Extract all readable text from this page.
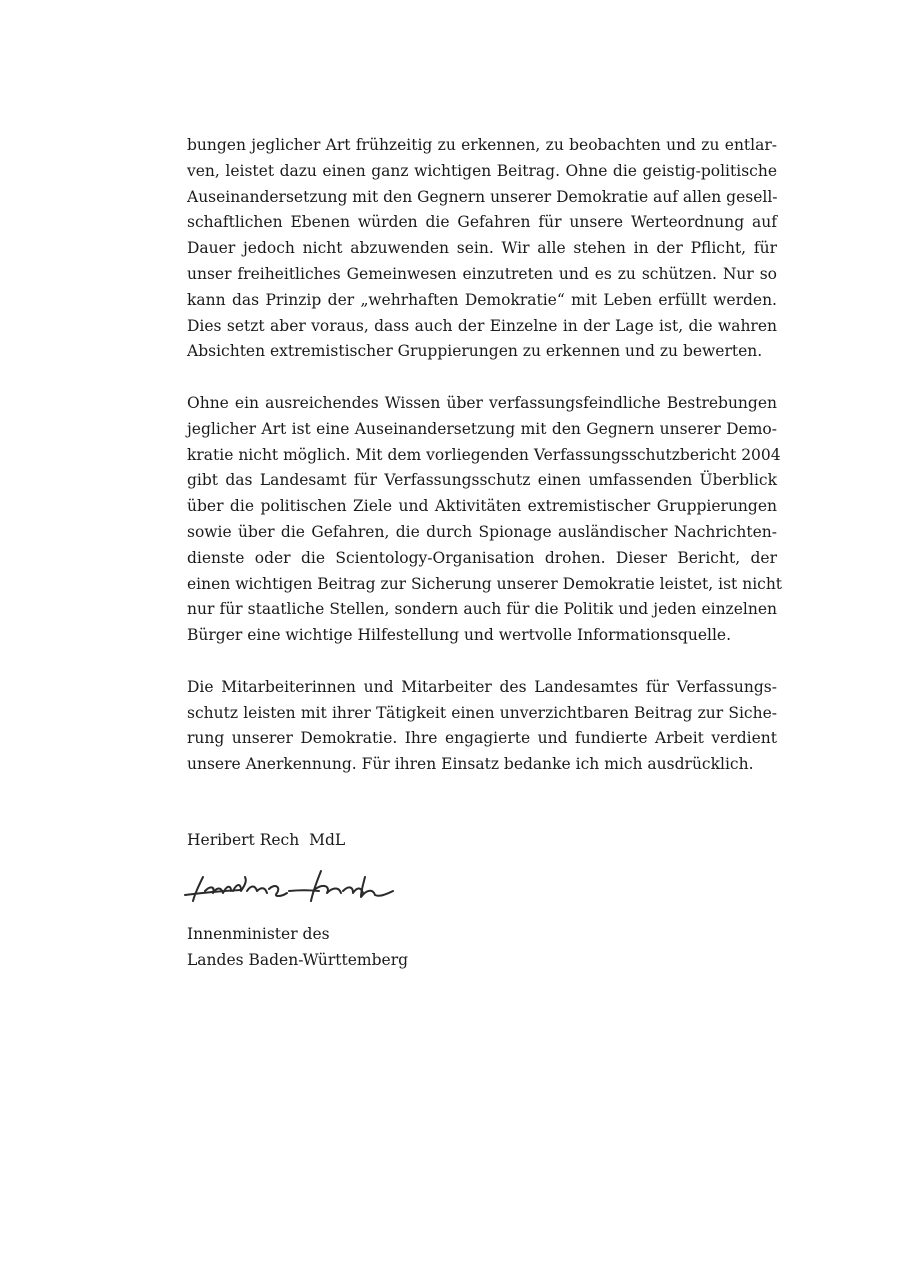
bungen jeglicher Art frühzeitig zu erkennen, zu beobachten und zu entlar-
ven, leistet dazu einen ganz wichtigen Beitrag. Ohne die geistig-politische
Auseinandersetzung mit den Gegnern unserer Demokratie auf allen gesell-
schaftlichen Ebenen würden die Gefahren für unsere Werteordnung auf
Dauer jedoch nicht abzuwenden sein. Wir alle stehen in der Pflicht, für
unser freiheitliches Gemeinwesen einzutreten und es zu schützen. Nur so
kann das Prinzip der „wehrhaften Demokratie“ mit Leben erfüllt werden.
Dies setzt aber voraus, dass auch der Einzelne in der Lage ist, die wahren
Absichten extremistischer Gruppierungen zu erkennen und zu bewerten.
Ohne ein ausreichendes Wissen über verfassungsfeindliche Bestrebungen
jeglicher Art ist eine Auseinandersetzung mit den Gegnern unserer Demo-
kratie nicht möglich. Mit dem vorliegenden Verfassungsschutzbericht 2004
gibt das Landesamt für Verfassungsschutz einen umfassenden Überblick
über die politischen Ziele und Aktivitäten extremistischer Gruppierungen
sowie über die Gefahren, die durch Spionage ausländischer Nachrichten-
dienste oder die Scientology-Organisation drohen. Dieser Bericht, der
einen wichtigen Beitrag zur Sicherung unserer Demokratie leistet, ist nicht
nur für staatliche Stellen, sondern auch für die Politik und jeden einzelnen
Bürger eine wichtige Hilfestellung und wertvolle Informationsquelle.
Die Mitarbeiterinnen und Mitarbeiter des Landesamtes für Verfassungs-
schutz leisten mit ihrer Tätigkeit einen unverzichtbaren Beitrag zur Siche-
rung unserer Demokratie. Ihre engagierte und fundierte Arbeit verdient
unsere Anerkennung. Für ihren Einsatz bedanke ich mich ausdrücklich.
Heribert Rech  MdL
Innenminister des
Landes Baden-Württemberg
